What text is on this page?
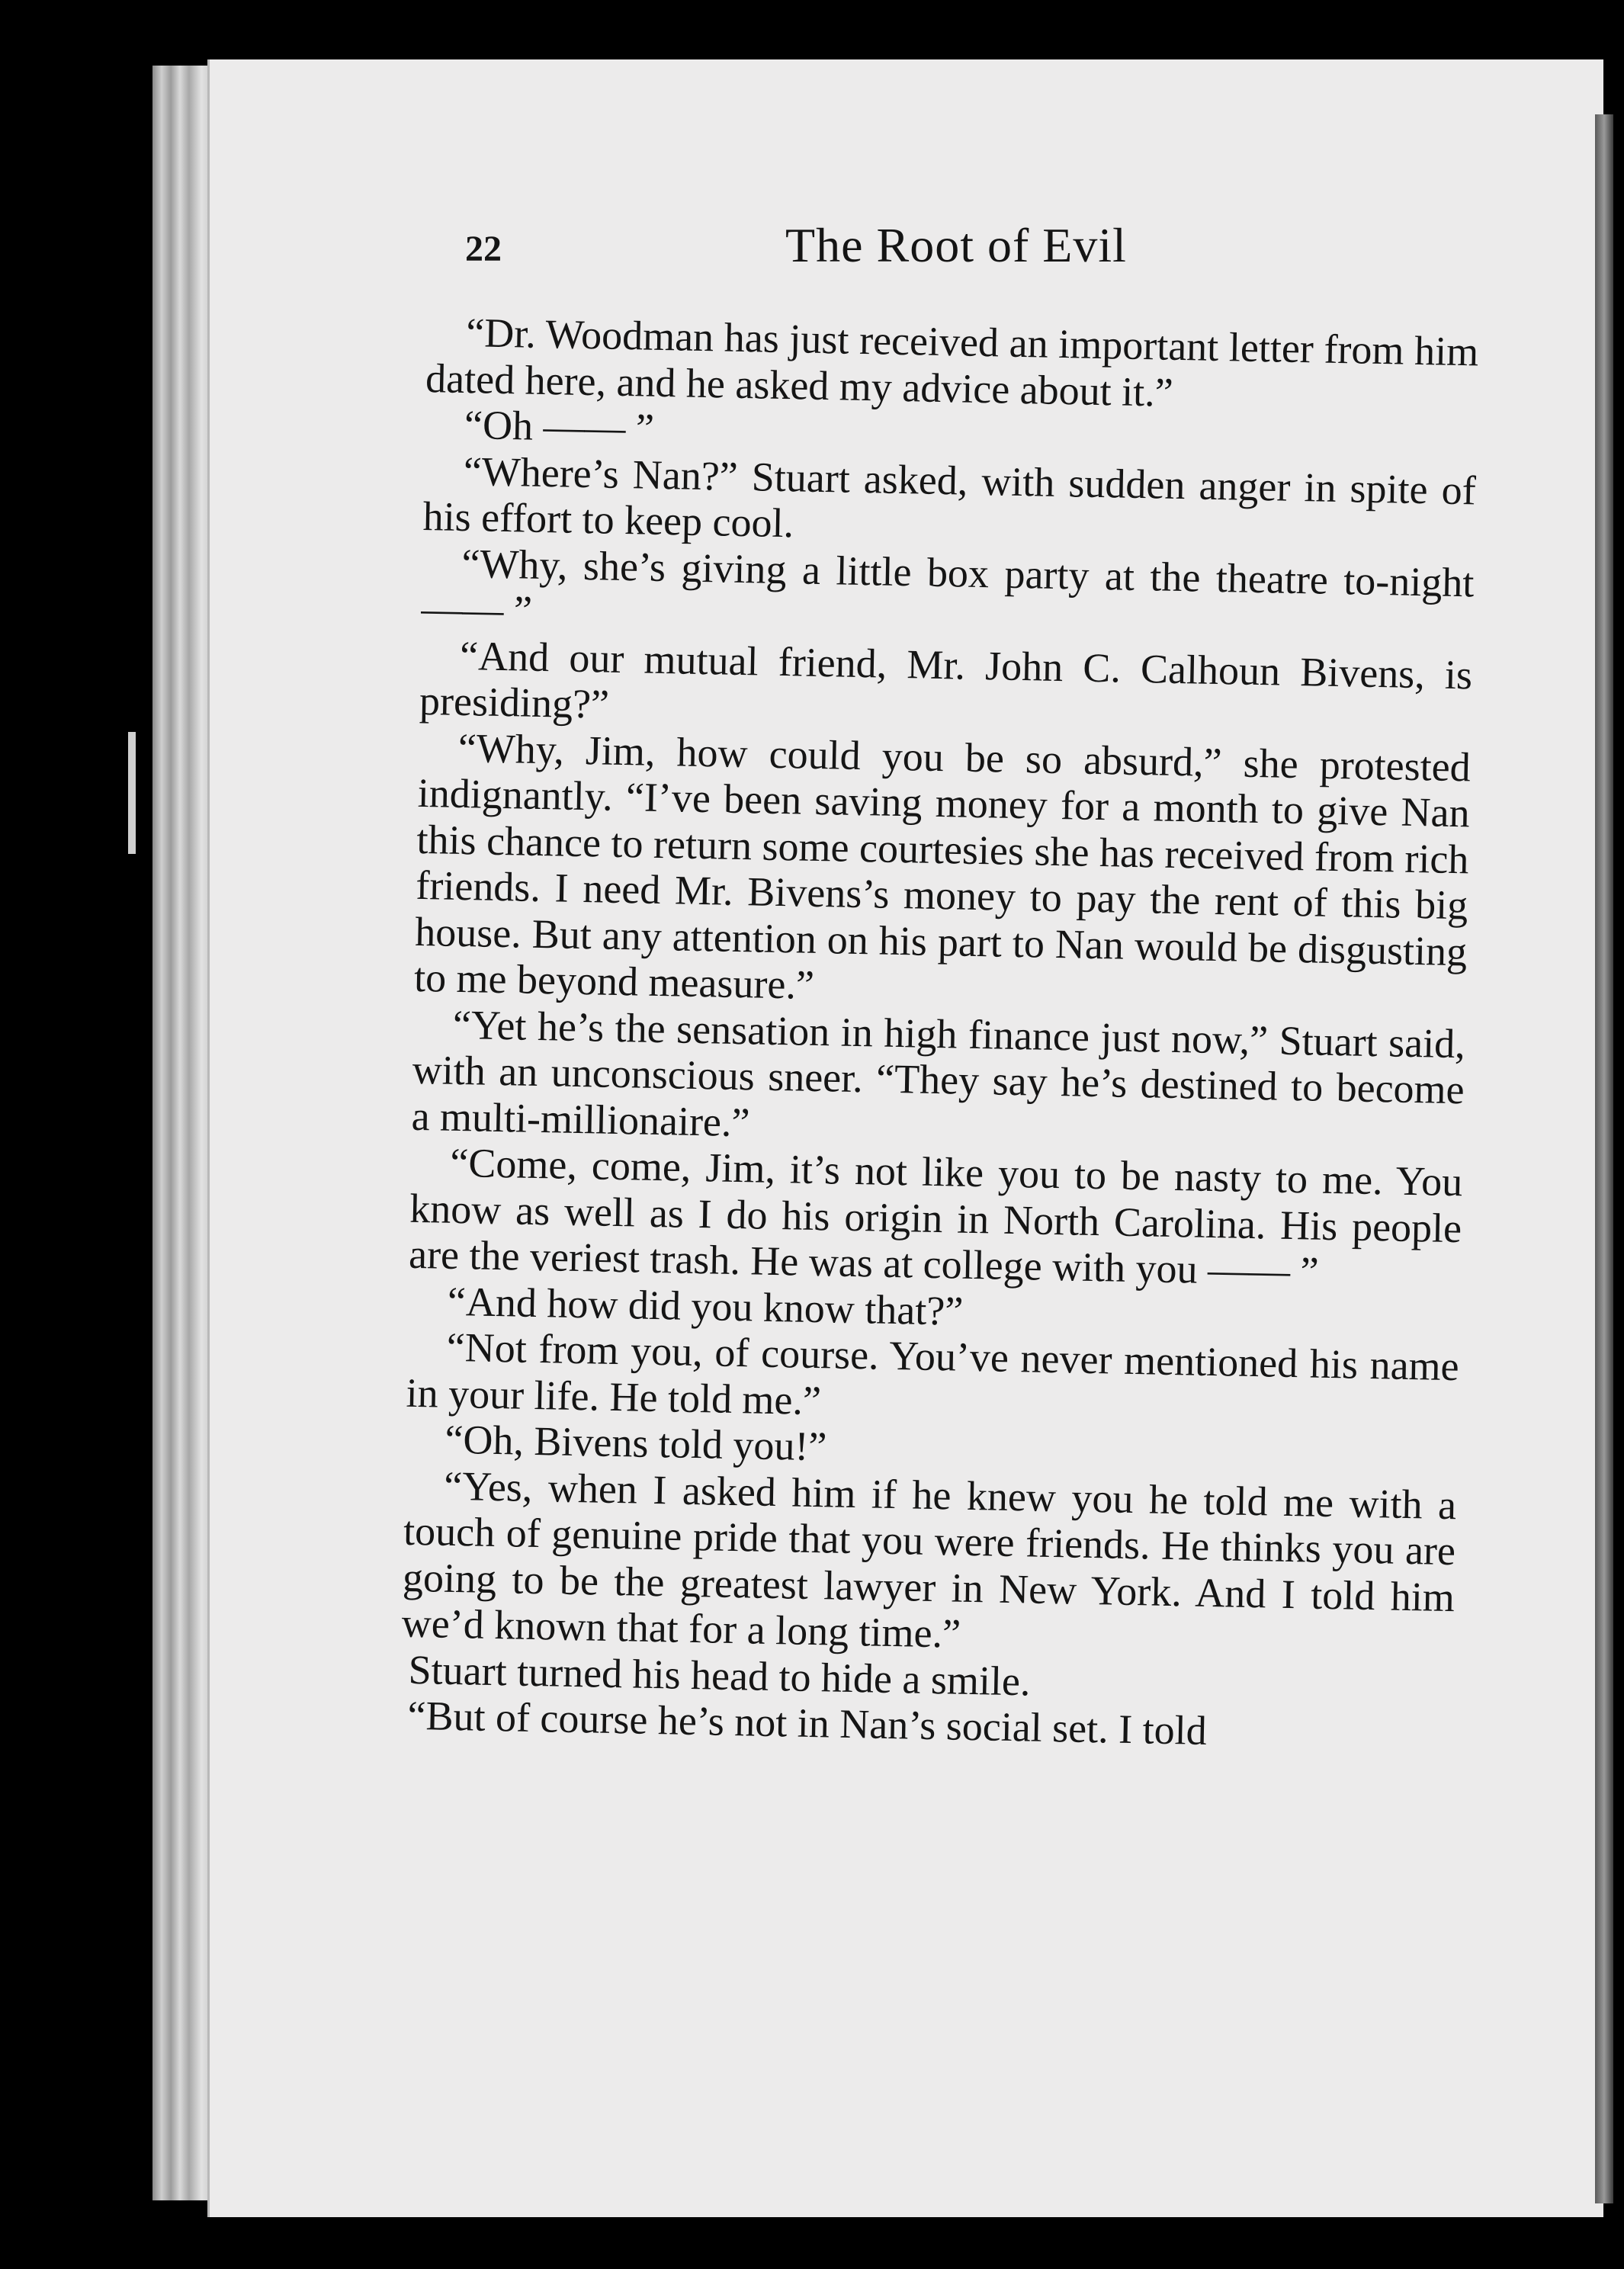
22	The Root of Evil

“Dr. Woodman has just received an important letter from him dated here, and he asked my advice about it.”

“Oh —— ”

“Where’s Nan?” Stuart asked, with sudden anger in spite of his effort to keep cool.

“Why, she’s giving a little box party at the theatre to-night —— ”

“And our mutual friend, Mr. John C. Calhoun Bivens, is presiding?”

“Why, Jim, how could you be so absurd,” she protested indignantly. “I’ve been saving money for a month to give Nan this chance to return some courtesies she has received from rich friends. I need Mr. Bivens’s money to pay the rent of this big house. But any attention on his part to Nan would be disgusting to me beyond measure.”

“Yet he’s the sensation in high finance just now,” Stuart said, with an unconscious sneer. “They say he’s destined to become a multi-millionaire.”

“Come, come, Jim, it’s not like you to be nasty to me. You know as well as I do his origin in North Carolina. His people are the veriest trash. He was at college with you —— ”

“And how did you know that?”

“Not from you, of course. You’ve never mentioned his name in your life. He told me.”

“Oh, Bivens told you!”

“Yes, when I asked him if he knew you he told me with a touch of genuine pride that you were friends. He thinks you are going to be the greatest lawyer in New York. And I told him we’d known that for a long time.”

Stuart turned his head to hide a smile.

“But of course he’s not in Nan’s social set. I told
